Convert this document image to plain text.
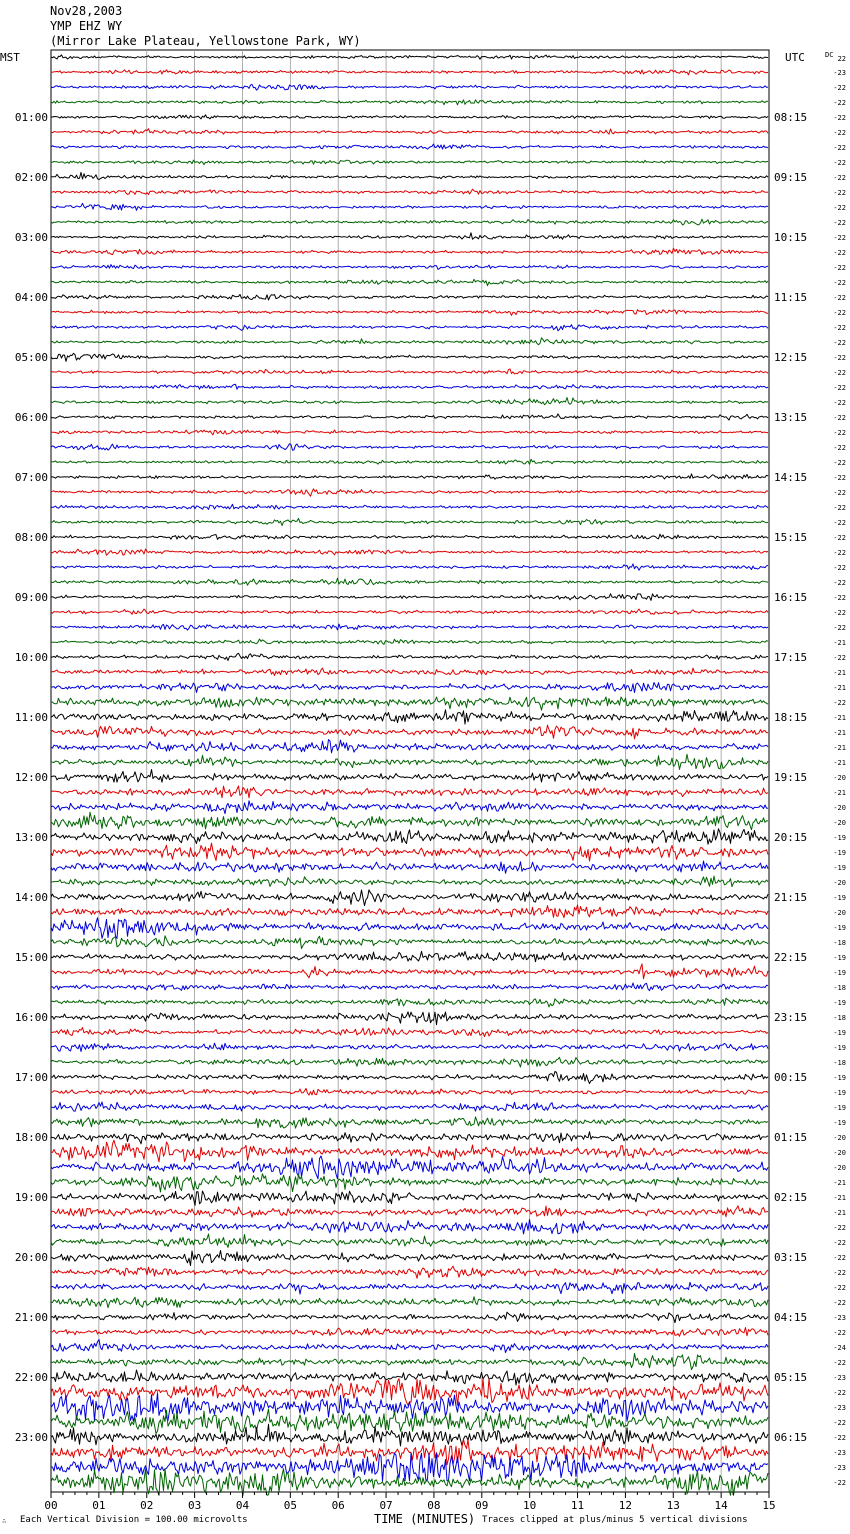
Nov28,2003
YMP EHZ WY
(Mirror Lake Plateau, Yellowstone Park, WY)
MST	UTC	DC 22
-23
-22
-22
-22
-22
-22
-22
-22
-22
-22
-22
-22
-22
-22
-22
-22
-22
-22
-22
-22
-22
-22
-22
-22
-22
-22
-22
-22
-22
-22
-22
-22
-22
-22
-22
-22
-22
-22
-21
-22
-21
-21
-22
-21
-21
-21
-21
-20
-21
-20
-20
-19
-19
-19
-20
-19
-20
-19
-18
-19
-19
-18
-19
-18
-19
-19
-18
-19
-19
-19
-19
-20
-20
-20
-21
-21
-21
-22
-22
-22
-22
-22
-22
-23
-22
-24
-22
-23
-22
-23
-22
-22
-23
-23
-22
01:00	08:15
02:00	09:15
03:00	10:15
04:00	11:15
05:00	12:15
06:00	13:15
07:00	14:15
08:00	15:15
09:00	16:15
10:00	17:15
11:00	18:15
12:00	19:15
13:00	20:15
14:00	21:15
15:00	22:15
16:00	23:15
17:00	00:15
18:00	01:15
19:00	02:15
20:00	03:15
21:00	04:15
22:00	05:15
23:00	06:15
00	01	02	03	04	05	06	07	08	09	10	11	12	13	14	15
∴ Each Vertical Division = 100.00 microvolts	TIME (MINUTES) Traces clipped at plus/minus 5 vertical divisions
